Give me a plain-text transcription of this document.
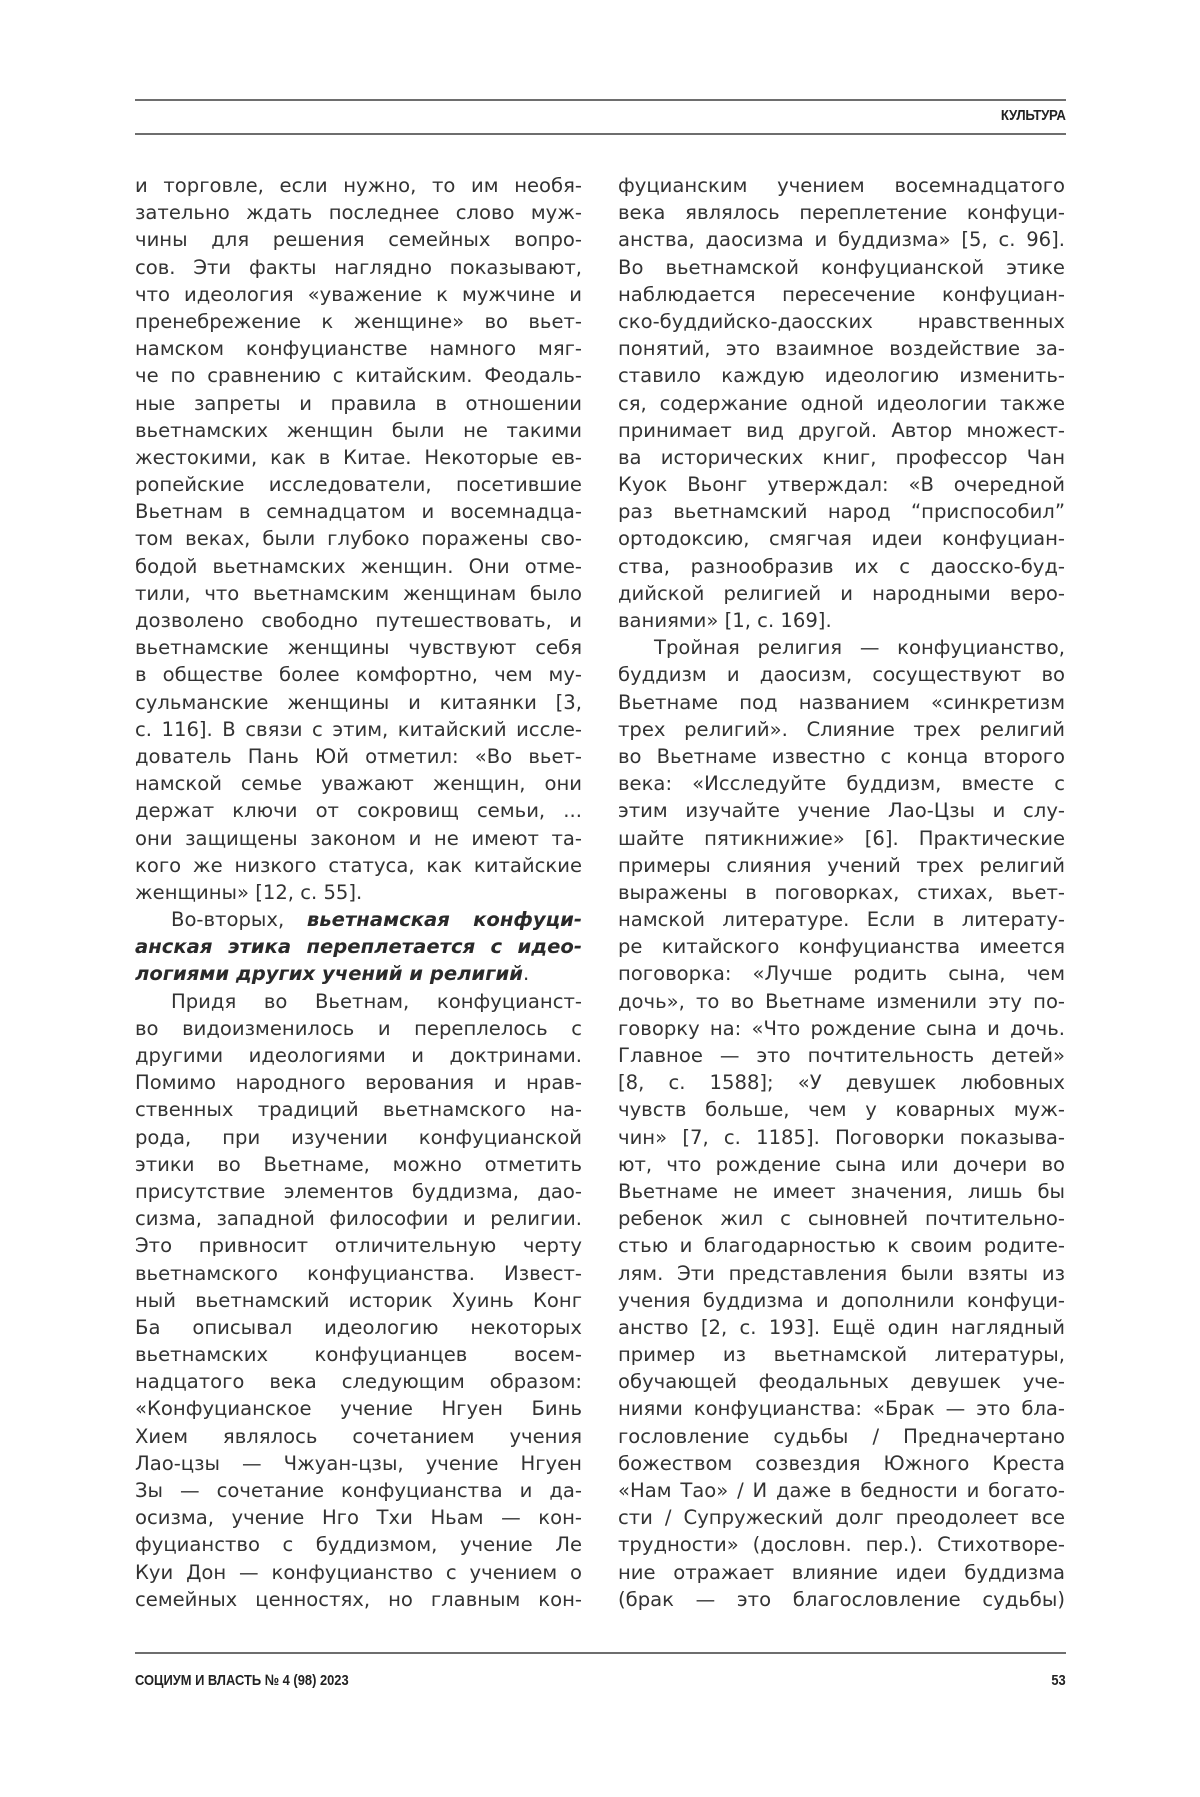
КУЛЬТУРА
и торговле, если нужно, то им необя-
зательно ждать последнее слово муж-
чины для решения семейных вопро-
сов. Эти факты наглядно показывают,
что идеология «уважение к мужчине и
пренебрежение к женщине» во вьет-
намском конфуцианстве намного мяг-
че по сравнению с китайским. Феодаль-
ные запреты и правила в отношении
вьетнамских женщин были не такими
жестокими, как в Китае. Некоторые ев-
ропейские исследователи, посетившие
Вьетнам в семнадцатом и восемнадца-
том веках, были глубоко поражены сво-
бодой вьетнамских женщин. Они отме-
тили, что вьетнамским женщинам было
дозволено свободно путешествовать, и
вьетнамские женщины чувствуют себя
в обществе более комфортно, чем му-
сульманские женщины и китаянки [3,
с. 116]. В связи с этим, китайский иссле-
дователь Пань Юй отметил: «Во вьет-
намской семье уважают женщин, они
держат ключи от сокровищ семьи, ...
они защищены законом и не имеют та-
кого же низкого статуса, как китайские
женщины» [12, с. 55].
Во-вторых, вьетнамская конфуци-
анская этика переплетается с идео-
логиями других учений и религий.
Придя во Вьетнам, конфуцианст-
во видоизменилось и переплелось с
другими идеологиями и доктринами.
Помимо народного верования и нрав-
ственных традиций вьетнамского на-
рода, при изучении конфуцианской
этики во Вьетнаме, можно отметить
присутствие элементов буддизма, дао-
сизма, западной философии и религии.
Это привносит отличительную черту
вьетнамского конфуцианства. Извест-
ный вьетнамский историк Хуинь Конг
Ба описывал идеологию некоторых
вьетнамских конфуцианцев восем-
надцатого века следующим образом:
«Конфуцианское учение Нгуен Бинь
Хием являлось сочетанием учения
Лао-цзы — Чжуан-цзы, учение Нгуен
Зы — сочетание конфуцианства и да-
осизма, учение Нго Тхи Ньам — кон-
фуцианство с буддизмом, учение Ле
Куи Дон — конфуцианство с учением о
семейных ценностях, но главным кон-
фуцианским учением восемнадцатого
века являлось переплетение конфуци-
анства, даосизма и буддизма» [5, с. 96].
Во вьетнамской конфуцианской этике
наблюдается пересечение конфуциан-
ско-буддийско-даосских нравственных
понятий, это взаимное воздействие за-
ставило каждую идеологию изменить-
ся, содержание одной идеологии также
принимает вид другой. Автор множест-
ва исторических книг, профессор Чан
Куок Вьонг утверждал: «В очередной
раз вьетнамский народ “приспособил”
ортодоксию, смягчая идеи конфуциан-
ства, разнообразив их с даосско-буд-
дийской религией и народными веро-
ваниями» [1, с. 169].
Тройная религия — конфуцианство,
буддизм и даосизм, сосуществуют во
Вьетнаме под названием «синкретизм
трех религий». Слияние трех религий
во Вьетнаме известно с конца второго
века: «Исследуйте буддизм, вместе с
этим изучайте учение Лао-Цзы и слу-
шайте пятикнижие» [6]. Практические
примеры слияния учений трех религий
выражены в поговорках, стихах, вьет-
намской литературе. Если в литерату-
ре китайского конфуцианства имеется
поговорка: «Лучше родить сына, чем
дочь», то во Вьетнаме изменили эту по-
говорку на: «Что рождение сына и дочь.
Главное — это почтительность детей»
[8, с. 1588]; «У девушек любовных
чувств больше, чем у коварных муж-
чин» [7, с. 1185]. Поговорки показыва-
ют, что рождение сына или дочери во
Вьетнаме не имеет значения, лишь бы
ребенок жил с сыновней почтительно-
стью и благодарностью к своим родите-
лям. Эти представления были взяты из
учения буддизма и дополнили конфуци-
анство [2, с. 193]. Ещё один наглядный
пример из вьетнамской литературы,
обучающей феодальных девушек уче-
ниями конфуцианства: «Брак — это бла-
гословление судьбы / Предначертано
божеством созвездия Южного Креста
«Нам Тао» / И даже в бедности и богато-
сти / Супружеский долг преодолеет все
трудности» (дословн. пер.). Стихотворе-
ние отражает влияние идеи буддизма
(брак — это благословление судьбы)
СОЦИУМ И ВЛАСТЬ № 4 (98) 2023	53
